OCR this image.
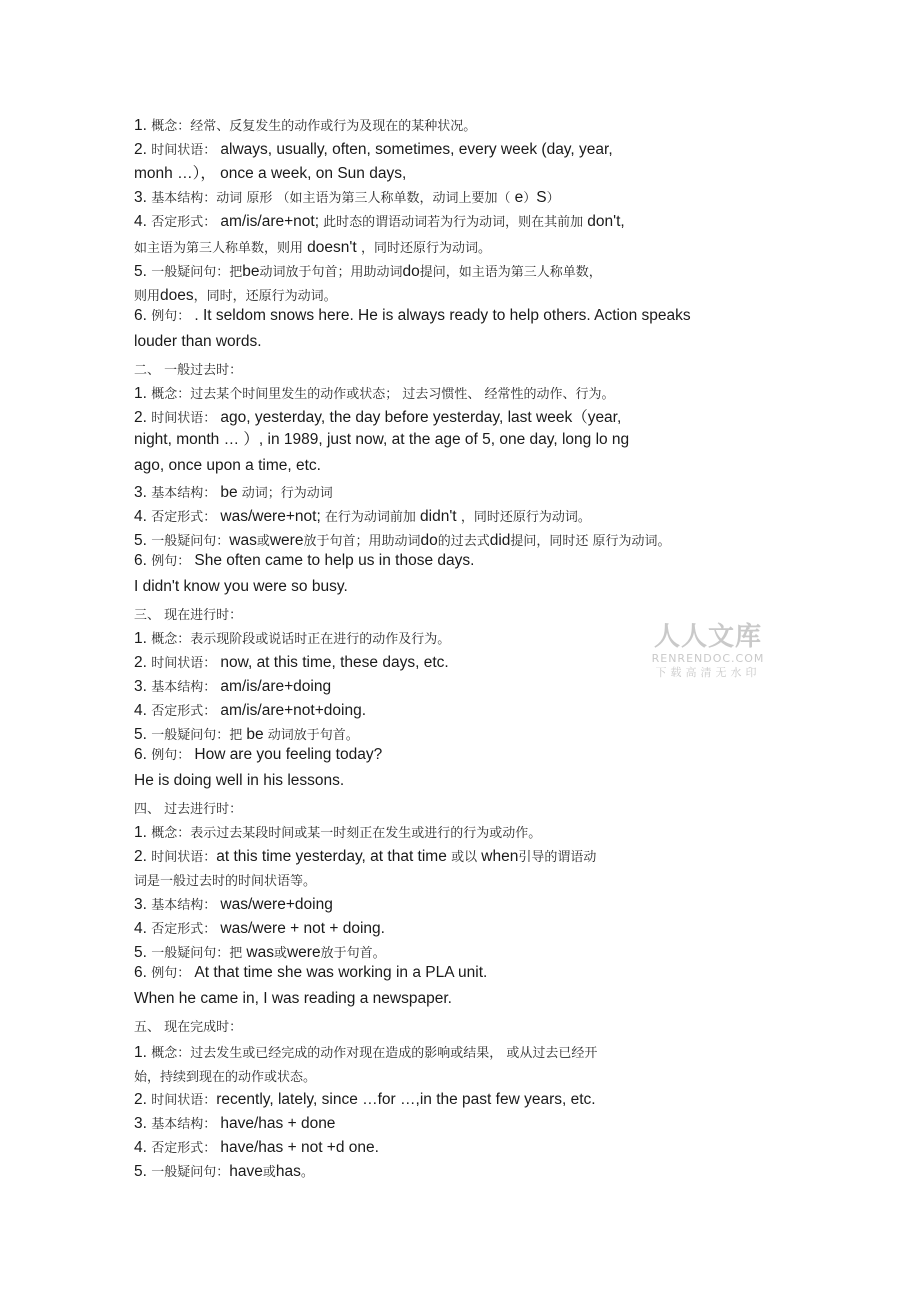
人人文库
RENRENDOC.COM
下载高清无水印
1. 概念：经常、反复发生的动作或行为及现在的某种状况。
2. 时间状语： always, usually, often, sometimes, every week (day, year,
monh …）， once a week, on Sun days,
3. 基本结构：动词 原形 （如主语为第三人称单数，动词上要加（ e）S）
4. 否定形式： am/is/are+not; 此时态的谓语动词若为行为动词，则在其前加 don't,
如主语为第三人称单数，则用 doesn't ，同时还原行为动词。
5. 一般疑问句：把be动词放于句首；用助动词do提问，如主语为第三人称单数，
则用does，同时，还原行为动词。
6. 例句： . It seldom snows here. He is always ready to help others. Action speaks
louder than words.
二、 一般过去时：
1. 概念：过去某个时间里发生的动作或状态； 过去习惯性、 经常性的动作、行为。
2. 时间状语： ago, yesterday, the day before yesterday, last week（year,
night, month … ）, in 1989, just now, at the age of 5, one day, long lo ng
ago, once upon a time, etc.
3. 基本结构： be 动词；行为动词
4. 否定形式： was/were+not; 在行为动词前加 didn't ，同时还原行为动词。
5. 一般疑问句：was或were放于句首；用助动词do的过去式did提问，同时还 原行为动词。
6. 例句： She often came to help us in those days.
I didn't know you were so busy.
三、 现在进行时：
1. 概念：表示现阶段或说话时正在进行的动作及行为。
2. 时间状语： now, at this time, these days, etc.
3. 基本结构： am/is/are+doing
4. 否定形式： am/is/are+not+doing.
5. 一般疑问句：把 be 动词放于句首。
6. 例句： How are you feeling today?
He is doing well in his lessons.
四、 过去进行时：
1. 概念：表示过去某段时间或某一时刻正在发生或进行的行为或动作。
2. 时间状语：at this time yesterday, at that time 或以 when引导的谓语动
词是一般过去时的时间状语等。
3. 基本结构： was/were+doing
4. 否定形式： was/were + not + doing.
5. 一般疑问句：把 was或were放于句首。
6. 例句： At that time she was working in a PLA unit.
When he came in, I was reading a newspaper.
五、 现在完成时：
1. 概念：过去发生或已经完成的动作对现在造成的影响或结果， 或从过去已经开
始，持续到现在的动作或状态。
2. 时间状语：recently, lately, since …for …,in the past few years, etc.
3. 基本结构： have/has + done
4. 否定形式： have/has + not +d one.
5. 一般疑问句：have或has。
